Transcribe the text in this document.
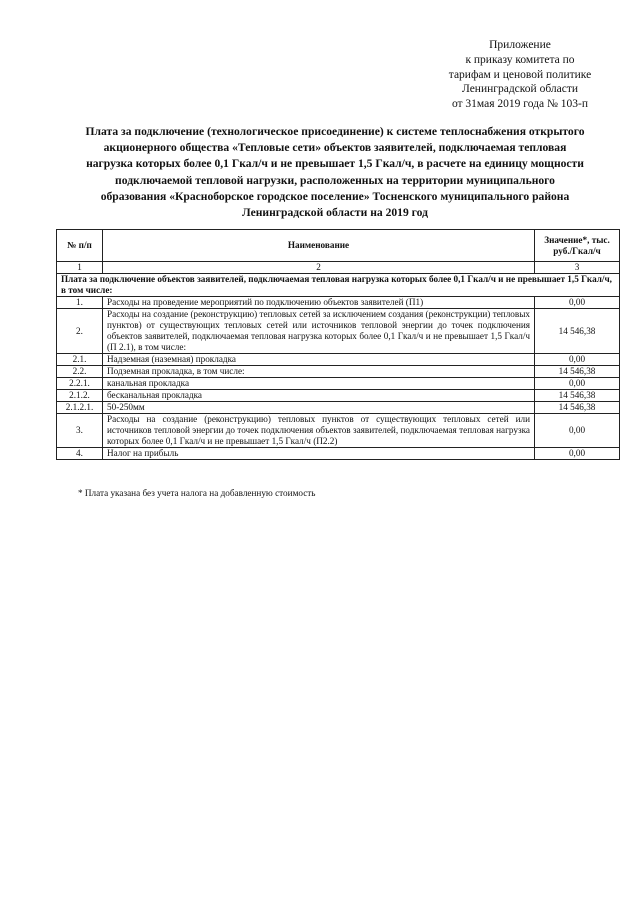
Приложение
к приказу комитета по
тарифам и ценовой политике
Ленинградской области
от 31мая 2019 года № 103-п
Плата за подключение (технологическое присоединение) к системе теплоснабжения открытого
акционерного общества «Тепловые сети» объектов заявителей, подключаемая тепловая
нагрузка которых более 0,1 Гкал/ч и не превышает 1,5 Гкал/ч, в расчете на единицу мощности
подключаемой тепловой нагрузки, расположенных на территории муниципального
образования «Красноборское городское поселение» Тосненского муниципального района
Ленинградской области на 2019 год
№ п/п	Наименование	Значение*, тыс. руб./Гкал/ч
1	2	3
Плата за подключение объектов заявителей, подключаемая тепловая нагрузка которых более 0,1 Гкал/ч и не превышает 1,5 Гкал/ч, в том числе:		
1.	Расходы на проведение мероприятий по подключению объектов заявителей (П1)	0,00
2.	Расходы на создание (реконструкцию) тепловых сетей за исключением создания (реконструкции) тепловых пунктов) от существующих тепловых сетей или источников тепловой энергии до точек подключения объектов заявителей, подключаемая тепловая нагрузка которых более 0,1 Гкал/ч и не превышает 1,5 Гкал/ч (П 2.1), в том числе:	14 546,38
2.1.	Надземная (наземная) прокладка	0,00
2.2.	Подземная прокладка, в том числе:	14 546,38
2.2.1.	канальная прокладка	0,00
2.1.2.	бесканальная прокладка	14 546,38
2.1.2.1.	50-250мм	14 546,38
3.	Расходы на создание (реконструкцию) тепловых пунктов от существующих тепловых сетей или источников тепловой энергии до точек подключения объектов заявителей, подключаемая тепловая нагрузка которых более 0,1 Гкал/ч и не превышает 1,5 Гкал/ч (П2.2)	0,00
4.	Налог на прибыль	0,00
* Плата указана без учета налога на добавленную стоимость
